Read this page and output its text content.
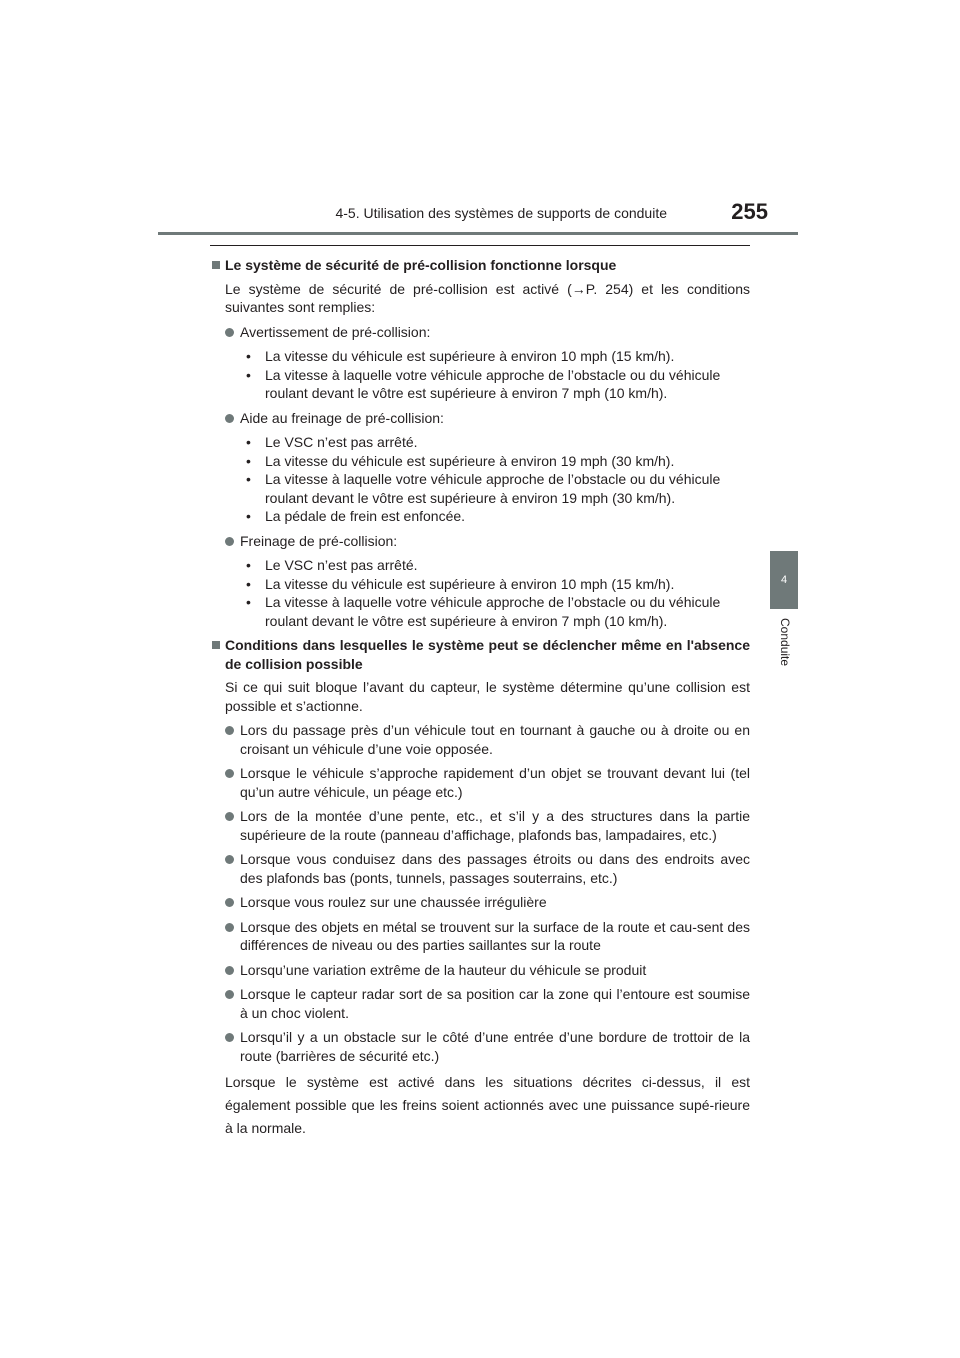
4-5. Utilisation des systèmes de supports de conduite	255
4
Conduite
Le système de sécurité de pré-collision fonctionne lorsque
Le système de sécurité de pré-collision est activé (→P. 254) et les conditions suivantes sont remplies:
Avertissement de pré-collision:
• La vitesse du véhicule est supérieure à environ 10 mph (15 km/h).
• La vitesse à laquelle votre véhicule approche de l’obstacle ou du véhicule roulant devant le vôtre est supérieure à environ 7 mph (10 km/h).
Aide au freinage de pré-collision:
• Le VSC n’est pas arrêté.
• La vitesse du véhicule est supérieure à environ 19 mph (30 km/h).
• La vitesse à laquelle votre véhicule approche de l’obstacle ou du véhicule roulant devant le vôtre est supérieure à environ 19 mph (30 km/h).
• La pédale de frein est enfoncée.
Freinage de pré-collision:
• Le VSC n’est pas arrêté.
• La vitesse du véhicule est supérieure à environ 10 mph (15 km/h).
• La vitesse à laquelle votre véhicule approche de l’obstacle ou du véhicule roulant devant le vôtre est supérieure à environ 7 mph (10 km/h).
Conditions dans lesquelles le système peut se déclencher même en l'absence de collision possible
Si ce qui suit bloque l’avant du capteur, le système détermine qu’une collision est possible et s’actionne.
Lors du passage près d’un véhicule tout en tournant à gauche ou à droite ou en croisant un véhicule d’une voie opposée.
Lorsque le véhicule s’approche rapidement d’un objet se trouvant devant lui (tel qu’un autre véhicule, un péage etc.)
Lors de la montée d’une pente, etc., et s’il y a des structures dans la partie supérieure de la route (panneau d’affichage, plafonds bas, lampadaires, etc.)
Lorsque vous conduisez dans des passages étroits ou dans des endroits avec des plafonds bas (ponts, tunnels, passages souterrains, etc.)
Lorsque vous roulez sur une chaussée irrégulière
Lorsque des objets en métal se trouvent sur la surface de la route et cau-sent des différences de niveau ou des parties saillantes sur la route
Lorsqu’une variation extrême de la hauteur du véhicule se produit
Lorsque le capteur radar sort de sa position car la zone qui l’entoure est soumise à un choc violent.
Lorsqu’il y a un obstacle sur le côté d’une entrée d’une bordure de trottoir de la route (barrières de sécurité etc.)
Lorsque le système est activé dans les situations décrites ci-dessus, il est également possible que les freins soient actionnés avec une puissance supé-rieure à la normale.
